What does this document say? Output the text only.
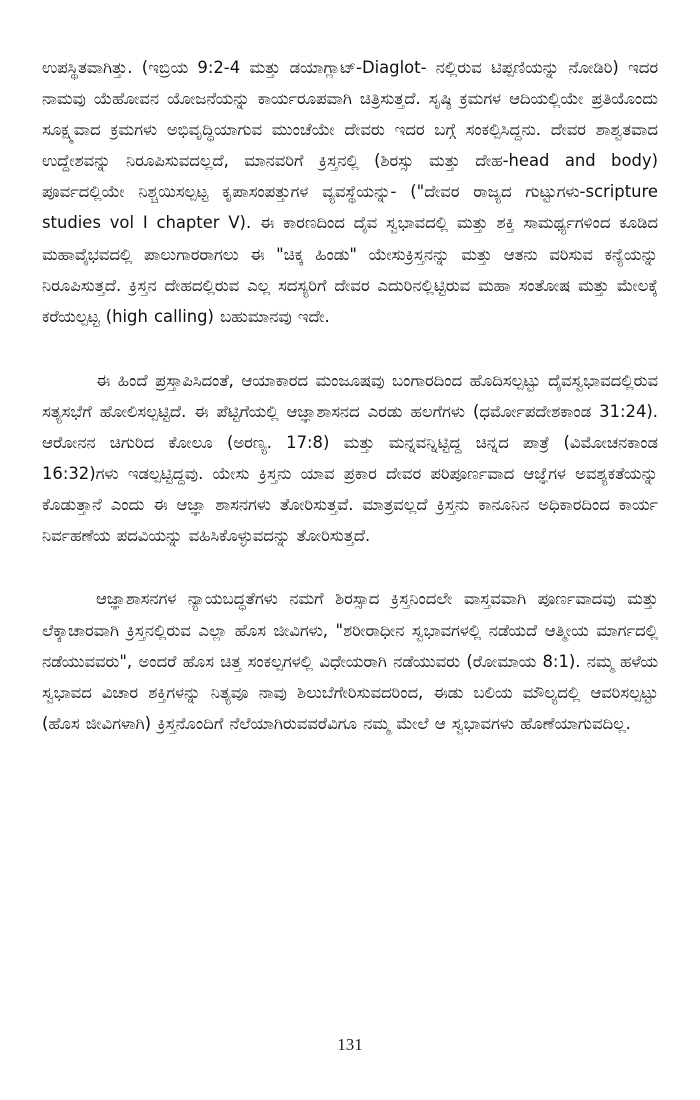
ಉಪಸ್ಥಿತವಾಗಿತ್ತು. (ಇಬ್ರಿಯ 9:2-4 ಮತ್ತು ಡಯಾಗ್ಲಾಟ್-Diaglot- ನಲ್ಲಿರುವ ಟಿಪ್ಪಣಿಯನ್ನು ನೋಡಿರಿ) ಇದರ ನಾಮವು ಯೆಹೋವನ ಯೋಜನೆಯನ್ನು ಕಾರ್ಯರೂಪವಾಗಿ ಚಿತ್ರಿಸುತ್ತದೆ. ಸೃಷ್ಠಿ ಕ್ರಮಗಳ ಆದಿಯಲ್ಲಿಯೇ ಪ್ರತಿಯೊಂದು ಸೂಕ್ಷ್ಮವಾದ ಕ್ರಮಗಳು ಅಭಿವೃದ್ಧಿಯಾಗುವ ಮುಂಚೆಯೇ ದೇವರು ಇದರ ಬಗ್ಗೆ ಸಂಕಲ್ಪಿಸಿದ್ದನು. ದೇವರ ಶಾಶ್ವತವಾದ ಉದ್ದೇಶವನ್ನು ನಿರೂಪಿಸುವದಲ್ಲದೆ, ಮಾನವರಿಗೆ ಕ್ರಿಸ್ತನಲ್ಲಿ (ಶಿರಸ್ಸು ಮತ್ತು ದೇಹ-head and body) ಪೂರ್ವದಲ್ಲಿಯೇ ನಿಶ್ಚಯಿಸಲ್ಪಟ್ಟ ಕೃಪಾಸಂಪತ್ತುಗಳ ವ್ಯವಸ್ಥೆಯನ್ನು- ("ದೇವರ ರಾಜ್ಯದ ಗುಟ್ಟುಗಳು-scripture studies vol I chapter V). ಈ ಕಾರಣದಿಂದ ದೈವ ಸ್ವಭಾವದಲ್ಲಿ ಮತ್ತು ಶಕ್ತಿ ಸಾಮರ್ಥ್ಯಗಳಿಂದ ಕೂಡಿದ ಮಹಾವೈಭವದಲ್ಲಿ ಪಾಲುಗಾರರಾಗಲು ಈ "ಚಿಕ್ಕ ಹಿಂಡು" ಯೇಸುಕ್ರಿಸ್ತನನ್ನು ಮತ್ತು ಆತನು ವರಿಸುವ ಕನ್ಯೆಯನ್ನು ನಿರೂಪಿಸುತ್ತದೆ. ಕ್ರಿಸ್ತನ ದೇಹದಲ್ಲಿರುವ ಎಲ್ಲ ಸದಸ್ಯರಿಗೆ ದೇವರ ಎದುರಿನಲ್ಲಿಟ್ಟಿರುವ ಮಹಾ ಸಂತೋಷ ಮತ್ತು ಮೇಲಕ್ಕೆ ಕರೆಯಲ್ಪಟ್ಟ (high calling) ಬಹುಮಾನವು ಇದೇ.

ಈ ಹಿಂದೆ ಪ್ರಸ್ತಾಪಿಸಿದಂತೆ, ಆಯಾಕಾರದ ಮಂಜೂಷವು ಬಂಗಾರದಿಂದ ಹೊದಿಸಲ್ಪಟ್ಟು ದೈವಸ್ವಭಾವದಲ್ಲಿರುವ ಸತ್ಯಸಭೆಗೆ ಹೋಲಿಸಲ್ಪಟ್ಟಿದೆ. ಈ ಪೆಟ್ಟಿಗೆಯಲ್ಲಿ ಆಜ್ಞಾಶಾಸನದ ಎರಡು ಹಲಗೆಗಳು (ಧರ್ಮೋಪದೇಶಕಾಂಡ 31:24). ಆರೋನನ ಚಿಗುರಿದ ಕೋಲೂ (ಅರಣ್ಯ. 17:8) ಮತ್ತು ಮನ್ನವನ್ನಿಟ್ಟಿದ್ದ ಚಿನ್ನದ ಪಾತ್ರೆ (ವಿಮೋಚನಕಾಂಡ 16:32)ಗಳು ಇಡಲ್ಪಟ್ಟಿದ್ದವು. ಯೇಸು ಕ್ರಿಸ್ತನು ಯಾವ ಪ್ರಕಾರ ದೇವರ ಪರಿಪೂರ್ಣವಾದ ಆಜ್ಞೆಗಳ ಅವಶ್ಯಕತೆಯನ್ನು ಕೊಡುತ್ತಾನೆ ಎಂದು ಈ ಆಜ್ಞಾ ಶಾಸನಗಳು ತೋರಿಸುತ್ತವೆ. ಮಾತ್ರವಲ್ಲದೆ ಕ್ರಿಸ್ತನು ಕಾನೂನಿನ ಅಧಿಕಾರದಿಂದ ಕಾರ್ಯ ನಿರ್ವಹಣೆಯ ಪದವಿಯನ್ನು ವಹಿಸಿಕೊಳ್ಳುವದನ್ನು ತೋರಿಸುತ್ತದೆ.

ಆಜ್ಞಾಶಾಸನಗಳ ನ್ಯಾಯಬದ್ಧತೆಗಳು ನಮಗೆ ಶಿರಸ್ಸಾದ ಕ್ರಿಸ್ತನಿಂದಲೇ ವಾಸ್ತವವಾಗಿ ಪೂರ್ಣವಾದವು ಮತ್ತು ಲೆಕ್ಕಾಚಾರವಾಗಿ ಕ್ರಿಸ್ತನಲ್ಲಿರುವ ಎಲ್ಲಾ ಹೊಸ ಜೀವಿಗಳು, "ಶರೀರಾಧೀನ ಸ್ವಭಾವಗಳಲ್ಲಿ ನಡೆಯದೆ ಆತ್ಮೀಯ ಮಾರ್ಗದಲ್ಲಿ ನಡೆಯುವವರು", ಅಂದರೆ ಹೊಸ ಚಿತ್ತ ಸಂಕಲ್ಪಗಳಲ್ಲಿ ವಿಧೇಯರಾಗಿ ನಡೆಯುವರು (ರೋಮಾಯ 8:1). ನಮ್ಮ ಹಳೆಯ ಸ್ವಭಾವದ ವಿಚಾರ ಶಕ್ತಿಗಳನ್ನು ನಿತ್ಯವೂ ನಾವು ಶಿಲುಬೆಗೇರಿಸುವದರಿಂದ, ಈಡು ಬಲಿಯ ಮೌಲ್ಯದಲ್ಲಿ ಆವರಿಸಲ್ಪಟ್ಟು (ಹೊಸ ಜೀವಿಗಳಾಗಿ) ಕ್ರಿಸ್ತನೊಂದಿಗೆ ನೆಲೆಯಾಗಿರುವವರೆವಿಗೂ ನಮ್ಮ ಮೇಲೆ ಆ ಸ್ವಭಾವಗಳು ಹೊಣೆಯಾಗುವದಿಲ್ಲ.

131
